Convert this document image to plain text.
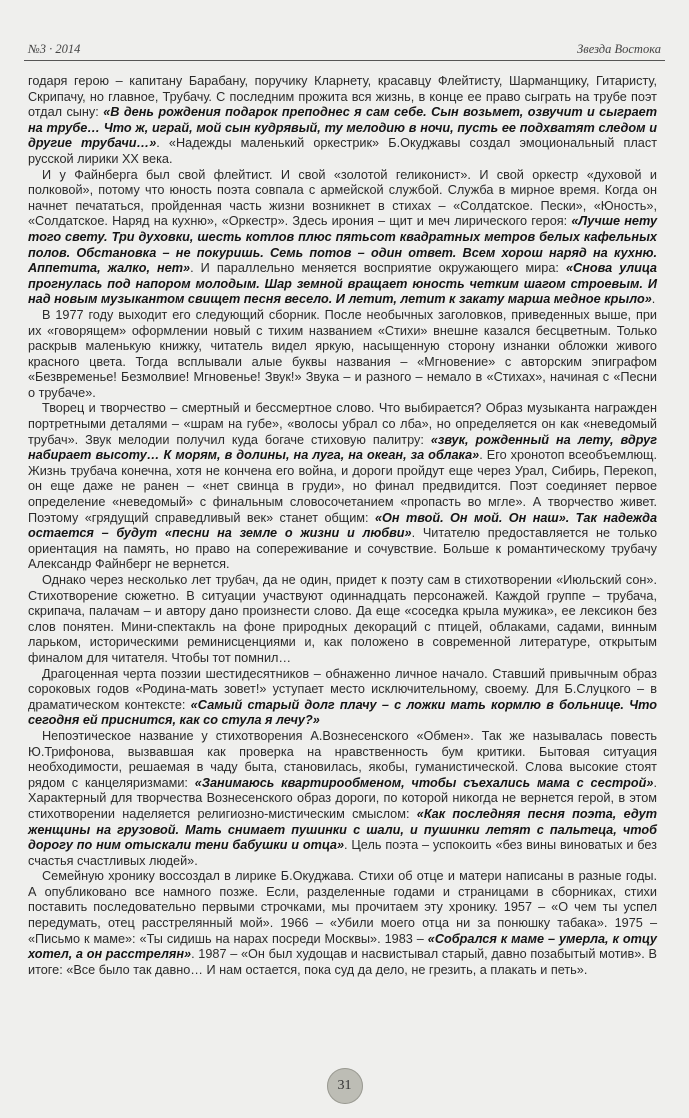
№3 · 2014	Звезда Востока

годаря герою – капитану Барабану, поручику Кларнету, красавцу Флейтисту, Шарманщику, Гитаристу, Скрипачу, но главное, Трубачу. С последним прожита вся жизнь, в конце ее право сыграть на трубе поэт отдал сыну: «В день рождения подарок преподнес я сам себе. Сын возьмет, озвучит и сыграет на трубе… Что ж, играй, мой сын кудрявый, ту мелодию в ночи, пусть ее подхватят следом и другие трубачи…». «Надежды маленький оркестрик» Б.Окуджавы создал эмоциональный пласт русской лирики XX века.

И у Файнберга был свой флейтист. И свой «золотой геликонист». И свой оркестр «духовой и полковой», потому что юность поэта совпала с армейской службой. Служба в мирное время. Когда он начнет печататься, пройденная часть жизни возникнет в стихах – «Солдатское. Пески», «Юность», «Солдатское. Наряд на кухню», «Оркестр». Здесь ирония – щит и меч лирического героя: «Лучше нету того свету. Три духовки, шесть котлов плюс пятьсот квадратных метров белых кафельных полов. Обстановка – не покуришь. Семь потов – один ответ. Всем хорош наряд на кухню. Аппетита, жалко, нет». И параллельно меняется восприятие окружающего мира: «Снова улица прогнулась под напором молодым. Шар земной вращает юность четким шагом строевым. И над новым музыкантом свищет песня весело. И летит, летит к закату марша медное крыло».

В 1977 году выходит его следующий сборник. После необычных заголовков, приведенных выше, при их «говорящем» оформлении новый с тихим названием «Стихи» внешне казался бесцветным. Только раскрыв маленькую книжку, читатель видел яркую, насыщенную сторону изнанки обложки живого красного цвета. Тогда всплывали алые буквы названия – «Мгновение» с авторским эпиграфом «Безвременье! Безмолвие! Мгновенье! Звук!» Звука – и разного – немало в «Стихах», начиная с «Песни о трубаче».

Творец и творчество – смертный и бессмертное слово. Что выбирается? Образ музыканта награжден портретными деталями – «шрам на губе», «волосы убрал со лба», но определяется он как «неведомый трубач». Звук мелодии получил куда богаче стиховую палитру: «звук, рожденный на лету, вдруг набирает высоту… К морям, в долины, на луга, на океан, за облака». Его хронотоп всеобъемлющ. Жизнь трубача конечна, хотя не кончена его война, и дороги пройдут еще через Урал, Сибирь, Перекоп, он еще даже не ранен – «нет свинца в груди», но финал предвидится. Поэт соединяет первое определение «неведомый» с финальным словосочетанием «пропасть во мгле». А творчество живет. Поэтому «грядущий справедливый век» станет общим: «Он твой. Он мой. Он наш». Так надежда остается – будут «песни на земле о жизни и любви». Читателю предоставляется не только ориентация на память, но право на сопереживание и сочувствие. Больше к романтическому трубачу Александр Файнберг не вернется.

Однако через несколько лет трубач, да не один, придет к поэту сам в стихотворении «Июльский сон». Стихотворение сюжетно. В ситуации участвуют одиннадцать персонажей. Каждой группе – трубача, скрипача, палачам – и автору дано произнести слово. Да еще «соседка крыла мужика», ее лексикон без слов понятен. Мини-спектакль на фоне природных декораций с птицей, облаками, садами, винным ларьком, историческими реминисценциями и, как положено в современной литературе, открытым финалом для читателя. Чтобы тот помнил…

Драгоценная черта поэзии шестидесятников – обнаженно личное начало. Ставший привычным образ сороковых годов «Родина-мать зовет!» уступает место исключительному, своему. Для Б.Слуцкого – в драматическом контексте: «Самый старый долг плачу – с ложки мать кормлю в больнице. Что сегодня ей приснится, как со стула я лечу?»

Непоэтическое название у стихотворения А.Вознесенского «Обмен». Так же называлась повесть Ю.Трифонова, вызвавшая как проверка на нравственность бум критики. Бытовая ситуация необходимости, решаемая в чаду быта, становилась, якобы, гуманистической. Слова высокие стоят рядом с канцеляризмами: «Занимаюсь квартирообменом, чтобы съехались мама с сестрой». Характерный для творчества Вознесенского образ дороги, по которой никогда не вернется герой, в этом стихотворении наделяется религиозно-мистическим смыслом: «Как последняя песня поэта, едут женщины на грузовой. Мать снимает пушинки с шали, и пушинки летят с пальтеца, чтоб дорогу по ним отыскали тени бабушки и отца». Цель поэта – успокоить «без вины виноватых и без счастья счастливых людей».

Семейную хронику воссоздал в лирике Б.Окуджава. Стихи об отце и матери написаны в разные годы. А опубликовано все намного позже. Если, разделенные годами и страницами в сборниках, стихи поставить последовательно первыми строчками, мы прочитаем эту хронику. 1957 – «О чем ты успел передумать, отец расстрелянный мой». 1966 – «Убили моего отца ни за понюшку табака». 1975 – «Письмо к маме»: «Ты сидишь на нарах посреди Москвы». 1983 – «Собрался к маме – умерла, к отцу хотел, а он расстрелян». 1987 – «Он был худощав и насвистывал старый, давно позабытый мотив». В итоге: «Все было так давно… И нам остается, пока суд да дело, не грезить, а плакать и петь».

31
